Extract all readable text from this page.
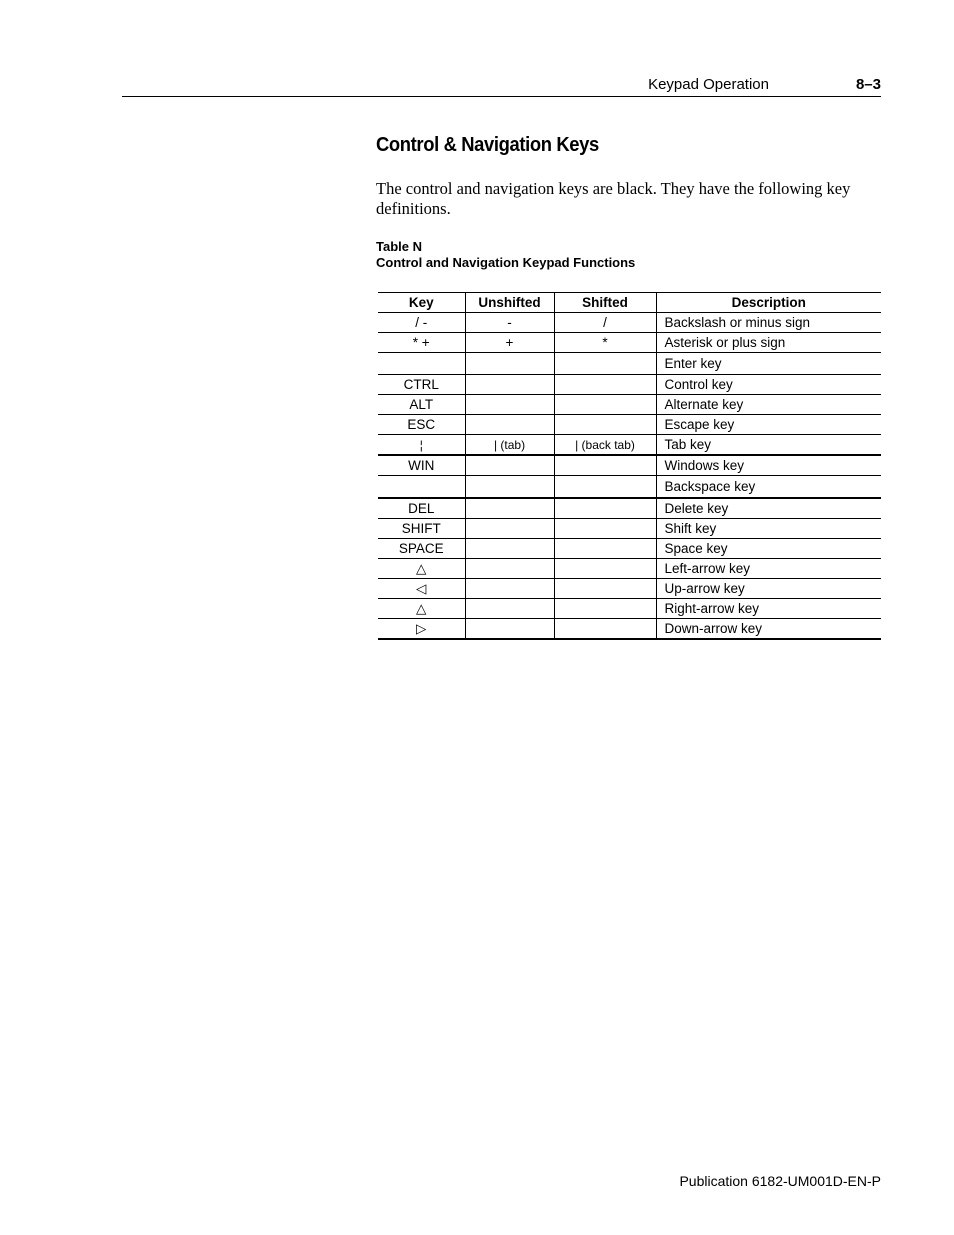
Keypad Operation	8–3
Control & Navigation Keys

The control and navigation keys are black. They have the following key definitions.

Table N
Control and Navigation Keypad Functions
Key	Unshifted	Shifted	Description
/ -	-	/	Backslash or minus sign
* +	+	*	Asterisk or plus sign
			Enter key
CTRL			Control key
ALT			Alternate key
ESC			Escape key
¦	| (tab)	| (back tab)	Tab key
WIN			Windows key
			Backspace key
DEL			Delete key
SHIFT			Shift key
SPACE			Space key
△			Left-arrow key
◁			Up-arrow key
△			Right-arrow key
▷			Down-arrow key
Publication 6182-UM001D-EN-P
